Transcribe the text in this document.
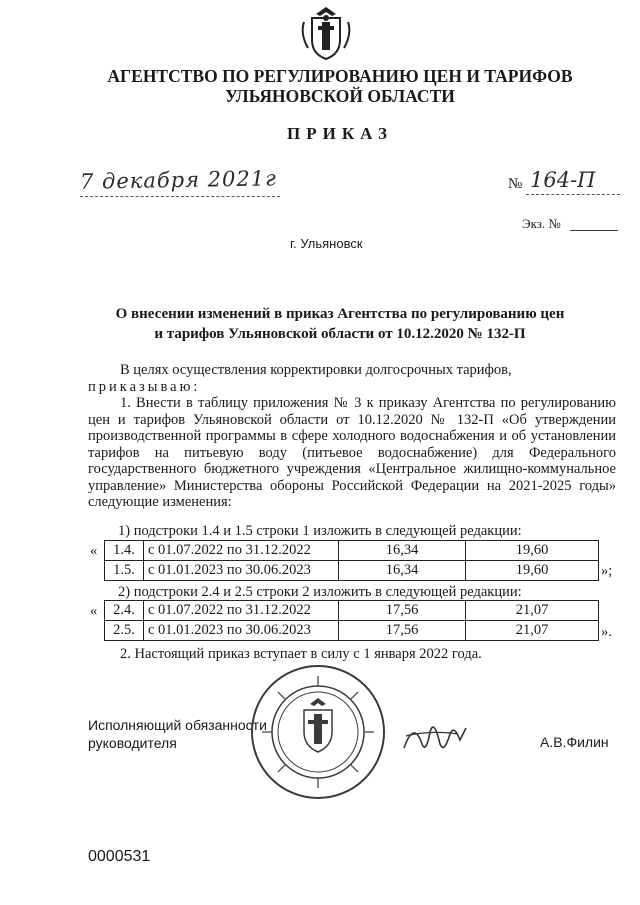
АГЕНТСТВО ПО РЕГУЛИРОВАНИЮ ЦЕН И ТАРИФОВ
УЛЬЯНОВСКОЙ ОБЛАСТИ
ПРИКАЗ
7 декабря 2021г	№ 164-П
Экз. №
г. Ульяновск
О внесении изменений в приказ Агентства по регулированию цен
и тарифов Ульяновской области от 10.12.2020 № 132-П

В целях осуществления корректировки долгосрочных тарифов,

приказываю:

1. Внести в таблицу приложения № 3 к приказу Агентства по регулированию цен и тарифов Ульяновской области от 10.12.2020 № 132-П «Об утверждении производственной программы в сфере холодного водоснабжения и об установлении тарифов на питьевую воду (питьевое водоснабжение) для Федерального государственного бюджетного учреждения «Центральное жилищно-коммунальное управление» Министерства обороны Российской Федерации на 2021-2025 годы» следующие изменения:

1) подстроки 1.4 и 1.5 строки 1 изложить в следующей редакции:
« 1.4.	с 01.07.2022 по 31.12.2022	16,34	19,60
1.5.	с 01.01.2023 по 30.06.2023	16,34	19,60	»;
2) подстроки 2.4 и 2.5 строки 2 изложить в следующей редакции:
« 2.4.	с 01.07.2022 по 31.12.2022	17,56	21,07
2.5.	с 01.01.2023 по 30.06.2023	17,56	21,07	».

2. Настоящий приказ вступает в силу с 1 января 2022 года.

Исполняющий обязанности
руководителя	А.В.Филин
0000531
